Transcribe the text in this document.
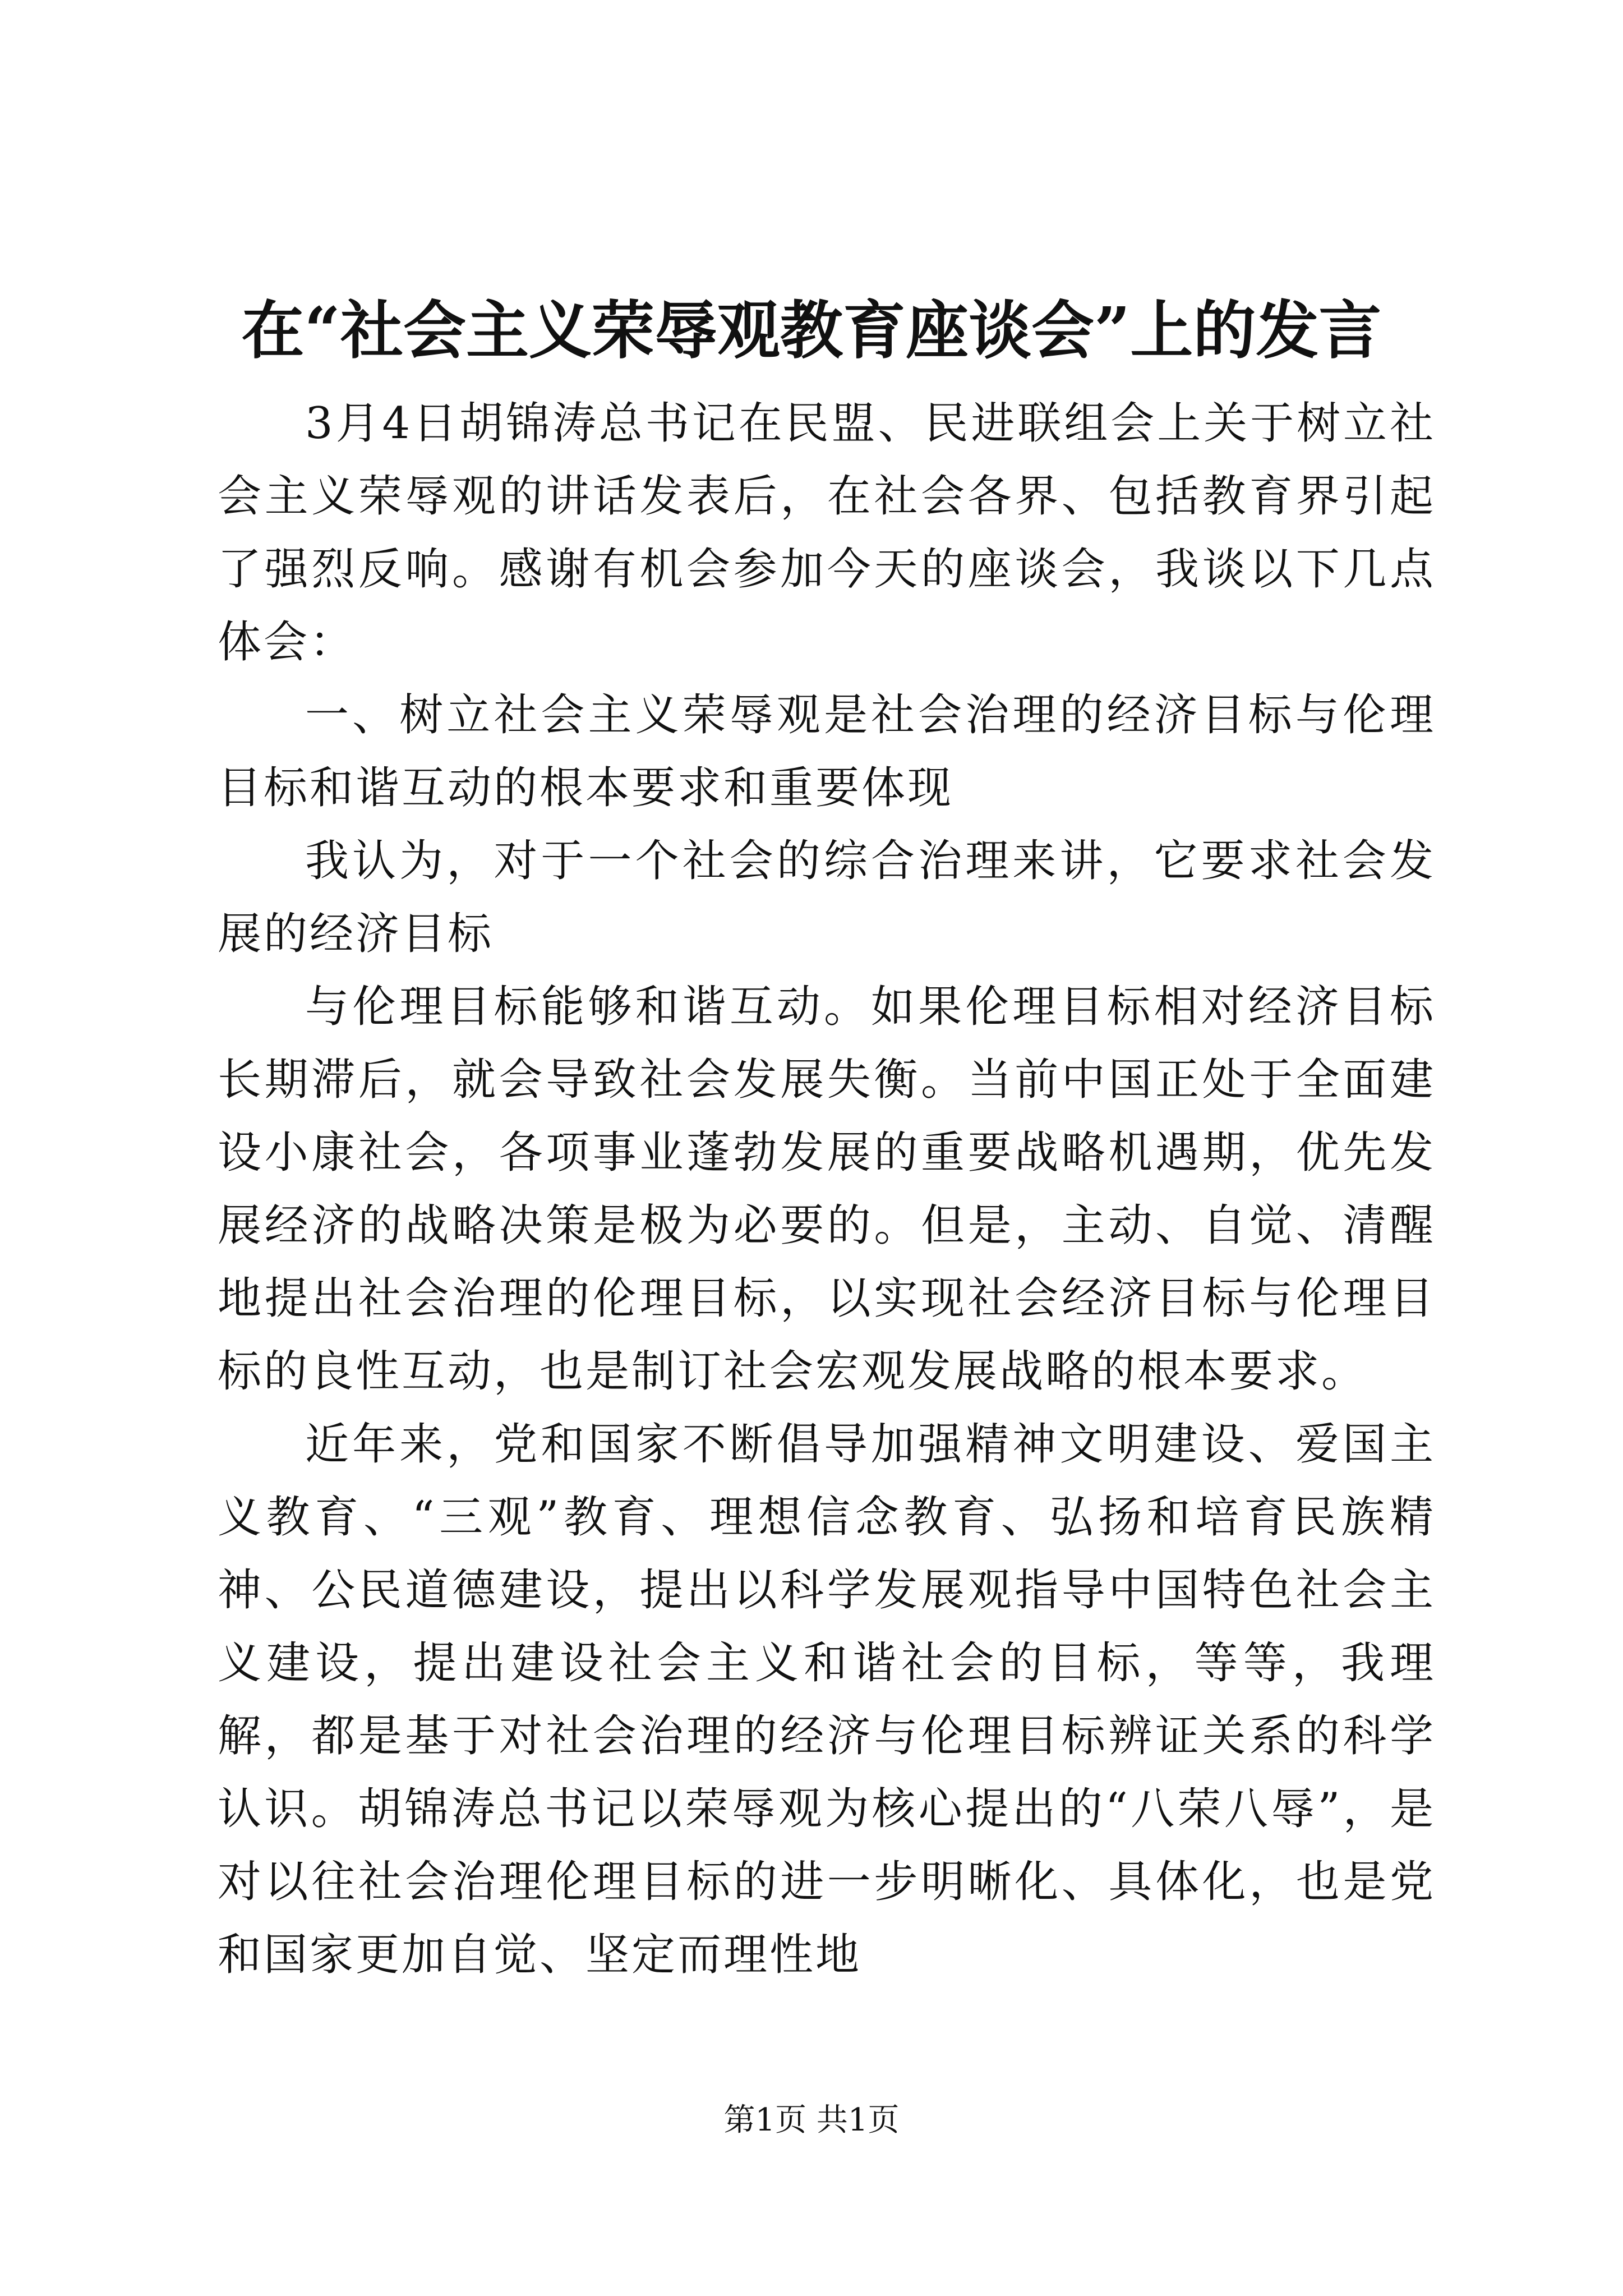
在“社会主义荣辱观教育座谈会”上的发言

3月4日胡锦涛总书记在民盟、民进联组会上关于树立社会主义荣辱观的讲话发表后，在社会各界、包括教育界引起了强烈反响。感谢有机会参加今天的座谈会，我谈以下几点体会：

一、树立社会主义荣辱观是社会治理的经济目标与伦理目标和谐互动的根本要求和重要体现

我认为，对于一个社会的综合治理来讲，它要求社会发展的经济目标

与伦理目标能够和谐互动。如果伦理目标相对经济目标长期滞后，就会导致社会发展失衡。当前中国正处于全面建设小康社会，各项事业蓬勃发展的重要战略机遇期，优先发展经济的战略决策是极为必要的。但是，主动、自觉、清醒地提出社会治理的伦理目标，以实现社会经济目标与伦理目标的良性互动，也是制订社会宏观发展战略的根本要求。

近年来，党和国家不断倡导加强精神文明建设、爱国主义教育、“三观”教育、理想信念教育、弘扬和培育民族精神、公民道德建设，提出以科学发展观指导中国特色社会主义建设，提出建设社会主义和谐社会的目标，等等，我理解，都是基于对社会治理的经济与伦理目标辨证关系的科学认识。胡锦涛总书记以荣辱观为核心提出的“八荣八辱”，是对以往社会治理伦理目标的进一步明晰化、具体化，也是党和国家更加自觉、坚定而理性地

第1页 共1页
